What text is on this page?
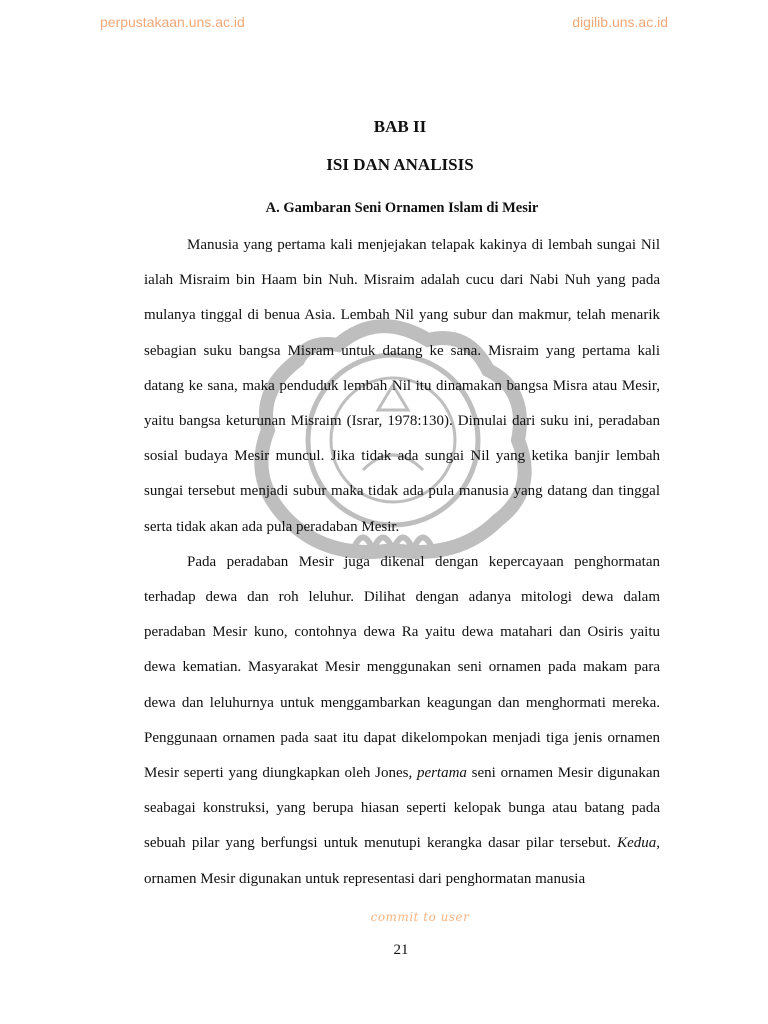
perpustakaan.uns.ac.id	digilib.uns.ac.id
BAB II
ISI DAN ANALISIS
A. Gambaran Seni Ornamen Islam di Mesir

Manusia yang pertama kali menjejakan telapak kakinya di lembah sungai Nil ialah Misraim bin Haam bin Nuh. Misraim adalah cucu dari Nabi Nuh yang pada mulanya tinggal di benua Asia. Lembah Nil yang subur dan makmur, telah menarik sebagian suku bangsa Misram untuk datang ke sana. Misraim yang pertama kali datang ke sana, maka penduduk lembah Nil itu dinamakan bangsa Misra atau Mesir, yaitu bangsa keturunan Misraim (Israr, 1978:130). Dimulai dari suku ini, peradaban sosial budaya Mesir muncul. Jika tidak ada sungai Nil yang ketika banjir lembah sungai tersebut menjadi subur maka tidak ada pula manusia yang datang dan tinggal serta tidak akan ada pula peradaban Mesir.

Pada peradaban Mesir juga dikenal dengan kepercayaan penghormatan terhadap dewa dan roh leluhur. Dilihat dengan adanya mitologi dewa dalam peradaban Mesir kuno, contohnya dewa Ra yaitu dewa matahari dan Osiris yaitu dewa kematian. Masyarakat Mesir menggunakan seni ornamen pada makam para dewa dan leluhurnya untuk menggambarkan keagungan dan menghormati mereka. Penggunaan ornamen pada saat itu dapat dikelompokan menjadi tiga jenis ornamen Mesir seperti yang diungkapkan oleh Jones, pertama seni ornamen Mesir digunakan seabagai konstruksi, yang berupa hiasan seperti kelopak bunga atau batang pada sebuah pilar yang berfungsi untuk menutupi kerangka dasar pilar tersebut. Kedua, ornamen Mesir digunakan untuk representasi dari penghormatan manusia

commit to user
21
